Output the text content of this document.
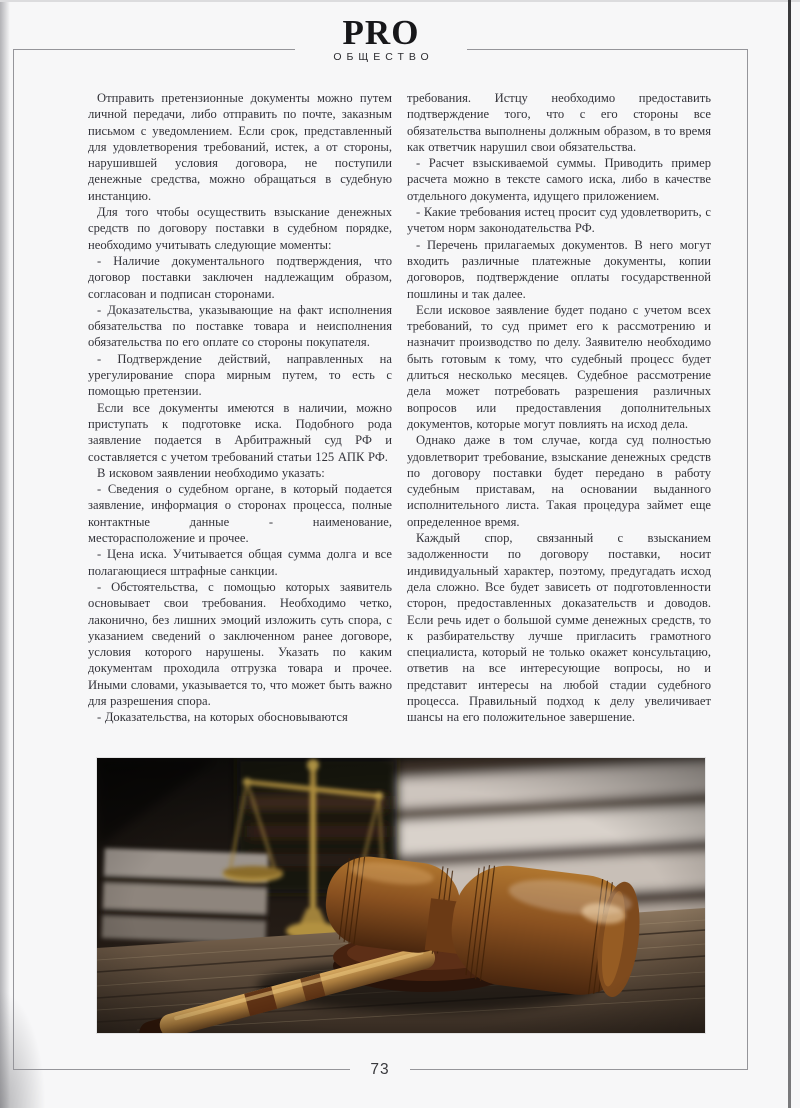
PRO
ОБЩЕСТВО

Отправить претензионные документы можно путем личной передачи, либо отправить по почте, заказным письмом с уведомлением. Если срок, представленный для удовлетворения требований, истек, а от стороны, нарушившей условия договора, не поступили денежные средства, можно обращаться в судебную инстанцию.

Для того чтобы осуществить взыскание денежных средств по договору поставки в судебном порядке, необходимо учитывать следующие моменты:

- Наличие документального подтверждения, что договор поставки заключен надлежащим образом, согласован и подписан сторонами.

- Доказательства, указывающие на факт исполнения обязательства по поставке товара и неисполнения обязательства по его оплате со стороны покупателя.

- Подтверждение действий, направленных на урегулирование спора мирным путем, то есть с помощью претензии.

Если все документы имеются в наличии, можно приступать к подготовке иска. Подобного рода заявление подается в Арбитражный суд РФ и составляется с учетом требований статьи 125 АПК РФ.

В исковом заявлении необходимо указать:

- Сведения о судебном органе, в который подается заявление, информация о сторонах процесса, полные контактные данные - наименование, месторасположение и прочее.

- Цена иска. Учитывается общая сумма долга и все полагающиеся штрафные санкции.

- Обстоятельства, с помощью которых заявитель основывает свои требования. Необходимо четко, лаконично, без лишних эмоций изложить суть спора, с указанием сведений о заключенном ранее договоре, условия которого нарушены. Указать по каким документам проходила отгрузка товара и прочее. Иными словами, указывается то, что может быть важно для разрешения спора.

- Доказательства, на которых обосновываются

требования. Истцу необходимо предоставить подтверждение того, что с его стороны все обязательства выполнены должным образом, в то время как ответчик нарушил свои обязательства.

- Расчет взыскиваемой суммы. Приводить пример расчета можно в тексте самого иска, либо в качестве отдельного документа, идущего приложением.

- Какие требования истец просит суд удовлетворить, с учетом норм законодательства РФ.

- Перечень прилагаемых документов. В него могут входить различные платежные документы, копии договоров, подтверждение оплаты государственной пошлины и так далее.

Если исковое заявление будет подано с учетом всех требований, то суд примет его к рассмотрению и назначит производство по делу. Заявителю необходимо быть готовым к тому, что судебный процесс будет длиться несколько месяцев. Судебное рассмотрение дела может потребовать разрешения различных вопросов или предоставления дополнительных документов, которые могут повлиять на исход дела.

Однако даже в том случае, когда суд полностью удовлетворит требование, взыскание денежных средств по договору поставки будет передано в работу судебным приставам, на основании выданного исполнительного листа. Такая процедура займет еще определенное время.

Каждый спор, связанный с взысканием задолженности по договору поставки, носит индивидуальный характер, поэтому, предугадать исход дела сложно. Все будет зависеть от подготовленности сторон, предоставленных доказательств и доводов. Если речь идет о большой сумме денежных средств, то к разбирательству лучше пригласить грамотного специалиста, который не только окажет консультацию, ответив на все интересующие вопросы, но и представит интересы на любой стадии судебного процесса. Правильный подход к делу увеличивает шансы на его положительное завершение.

73
